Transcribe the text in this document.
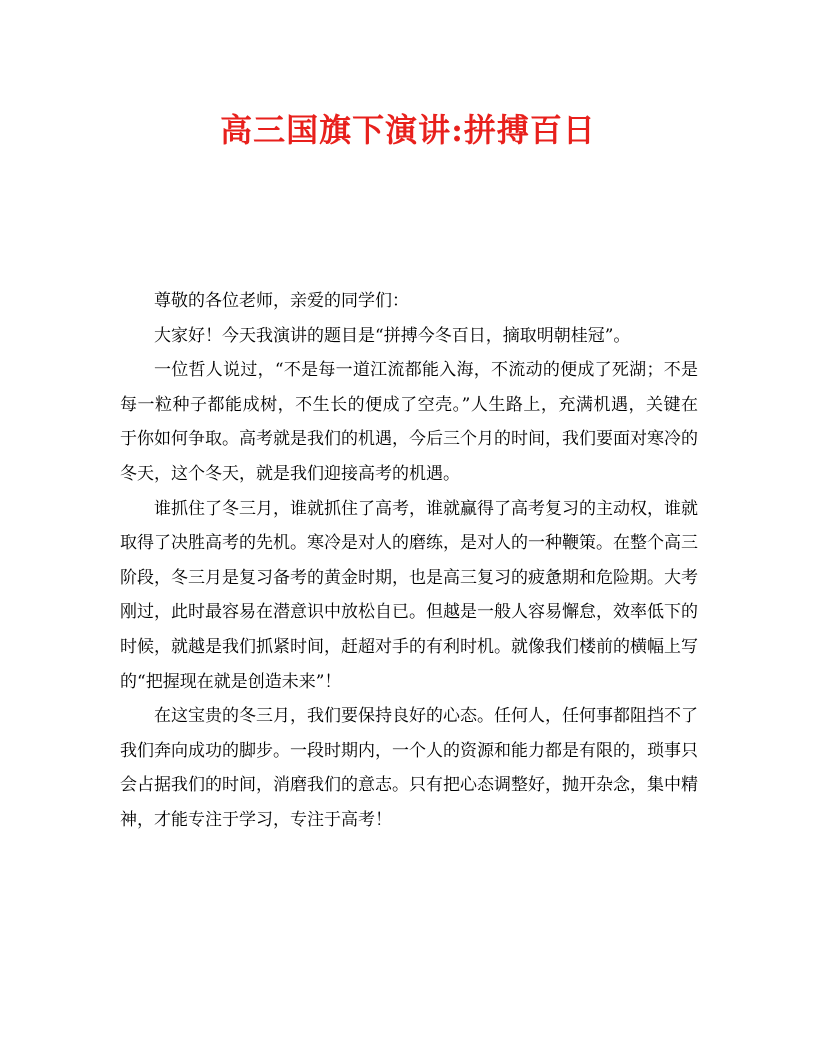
高三国旗下演讲:拼搏百日

尊敬的各位老师，亲爱的同学们：

大家好！今天我演讲的题目是“拼搏今冬百日，摘取明朝桂冠”。

一位哲人说过，“不是每一道江流都能入海，不流动的便成了死湖；不是每一粒种子都能成树，不生长的便成了空壳。”人生路上，充满机遇，关键在于你如何争取。高考就是我们的机遇，今后三个月的时间，我们要面对寒冷的冬天，这个冬天，就是我们迎接高考的机遇。

谁抓住了冬三月，谁就抓住了高考，谁就赢得了高考复习的主动权，谁就取得了决胜高考的先机。寒冷是对人的磨练，是对人的一种鞭策。在整个高三阶段，冬三月是复习备考的黄金时期，也是高三复习的疲惫期和危险期。大考刚过，此时最容易在潜意识中放松自已。但越是一般人容易懈怠，效率低下的时候，就越是我们抓紧时间，赶超对手的有利时机。就像我们楼前的横幅上写的“把握现在就是创造未来”！

在这宝贵的冬三月，我们要保持良好的心态。任何人，任何事都阻挡不了我们奔向成功的脚步。一段时期内，一个人的资源和能力都是有限的，琐事只会占据我们的时间，消磨我们的意志。只有把心态调整好，抛开杂念，集中精神，才能专注于学习，专注于高考！
